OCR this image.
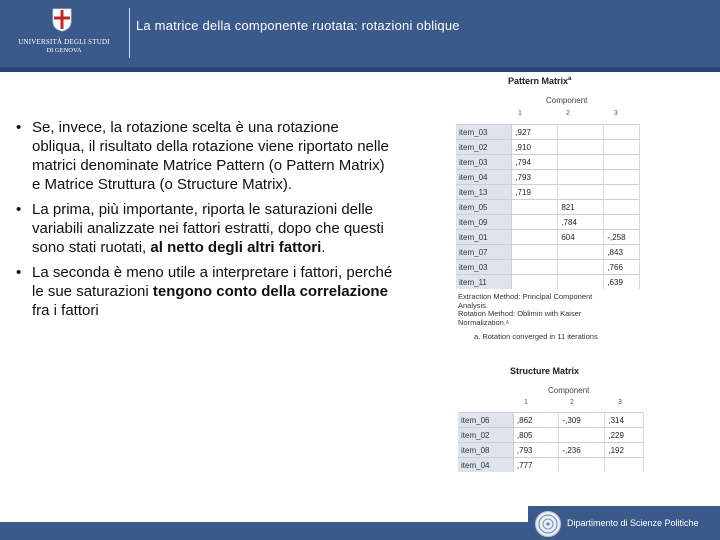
UNIVERSITÀ DEGLI STUDI
DI GENOVA
La matrice della componente ruotata: rotazioni oblique
• Se, invece, la rotazione scelta è una rotazione obliqua, il risultato della rotazione viene riportato nelle matrici denominate Matrice Pattern (o Pattern Matrix) e Matrice Struttura (o Structure Matrix).
• La prima, più importante, riporta le saturazioni delle variabili analizzate nei fattori estratti, dopo che questi sono stati ruotati, al netto degli altri fattori.
• La seconda è meno utile a interpretare i fattori, perché le sue saturazioni tengono conto della correlazione fra i fattori
Pattern Matrix$^a$
Component
1	2	3
item_03	,927		
item_02	,910		
item_03	,794		
item_04	,793		
item_13	,719		
item_05		821	
item_09		,784	
item_01		604	-,258
item_07			,843
item_03			,766
item_11			,639
Extraction Method: Principal Component
Analysis.
Rotation Method: Oblimin with Kaiser
Normalization.ᵃ
a. Rotation converged in 11 iterations
Structure Matrix
Component
1	2	3
item_06	,862	-,309	,314
item_02	,805		,229
item_08	,793	-,236	,192
item_04	,777		
Dipartimento di Scienze Politiche
